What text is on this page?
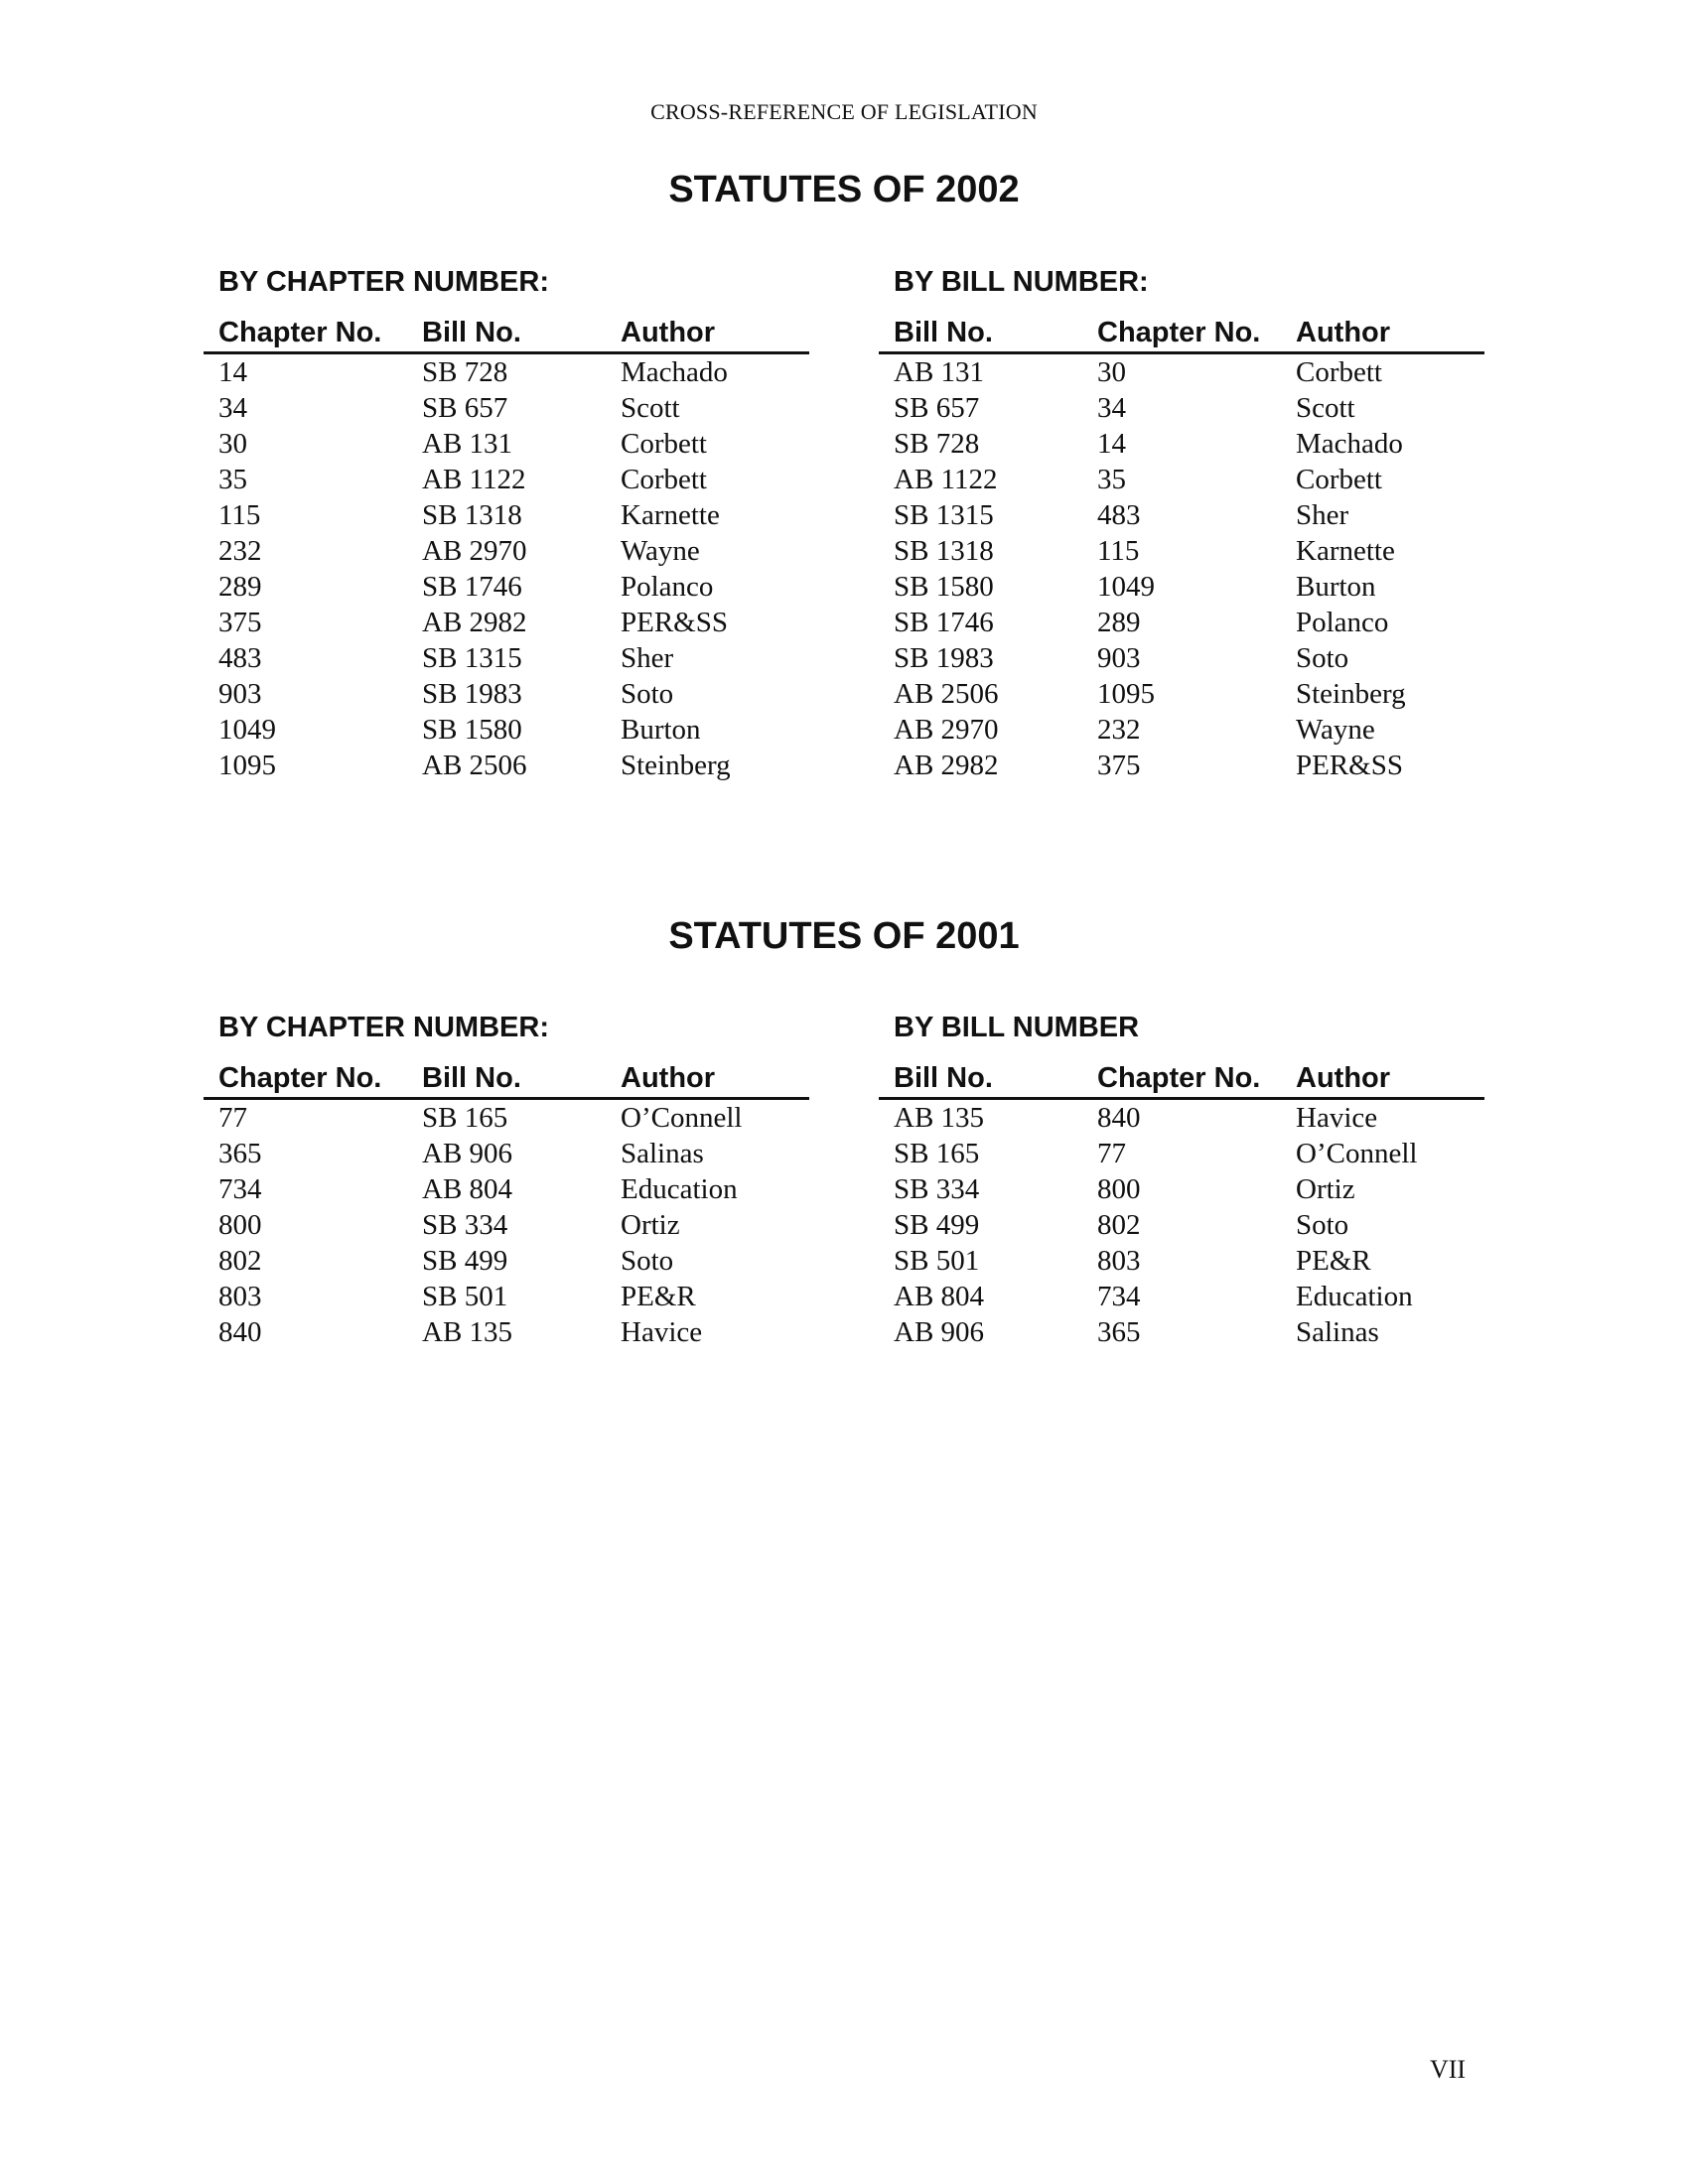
CROSS-REFERENCE OF LEGISLATION
STATUTES OF 2002
BY CHAPTER NUMBER:
Chapter No.	Bill No.	Author
14	SB 728	Machado
34	SB 657	Scott
30	AB 131	Corbett
35	AB 1122	Corbett
115	SB 1318	Karnette
232	AB 2970	Wayne
289	SB 1746	Polanco
375	AB 2982	PER&SS
483	SB 1315	Sher
903	SB 1983	Soto
1049	SB 1580	Burton
1095	AB 2506	Steinberg
BY BILL NUMBER:
Bill No.	Chapter No.	Author
AB 131	30	Corbett
SB 657	34	Scott
SB 728	14	Machado
AB 1122	35	Corbett
SB 1315	483	Sher
SB 1318	115	Karnette
SB 1580	1049	Burton
SB 1746	289	Polanco
SB 1983	903	Soto
AB 2506	1095	Steinberg
AB 2970	232	Wayne
AB 2982	375	PER&SS
STATUTES OF 2001
BY CHAPTER NUMBER:
Chapter No.	Bill No.	Author
77	SB 165	O’Connell
365	AB 906	Salinas
734	AB 804	Education
800	SB 334	Ortiz
802	SB 499	Soto
803	SB 501	PE&R
840	AB 135	Havice
BY BILL NUMBER
Bill No.	Chapter No.	Author
AB 135	840	Havice
SB 165	77	O’Connell
SB 334	800	Ortiz
SB 499	802	Soto
SB 501	803	PE&R
AB 804	734	Education
AB 906	365	Salinas
VII
